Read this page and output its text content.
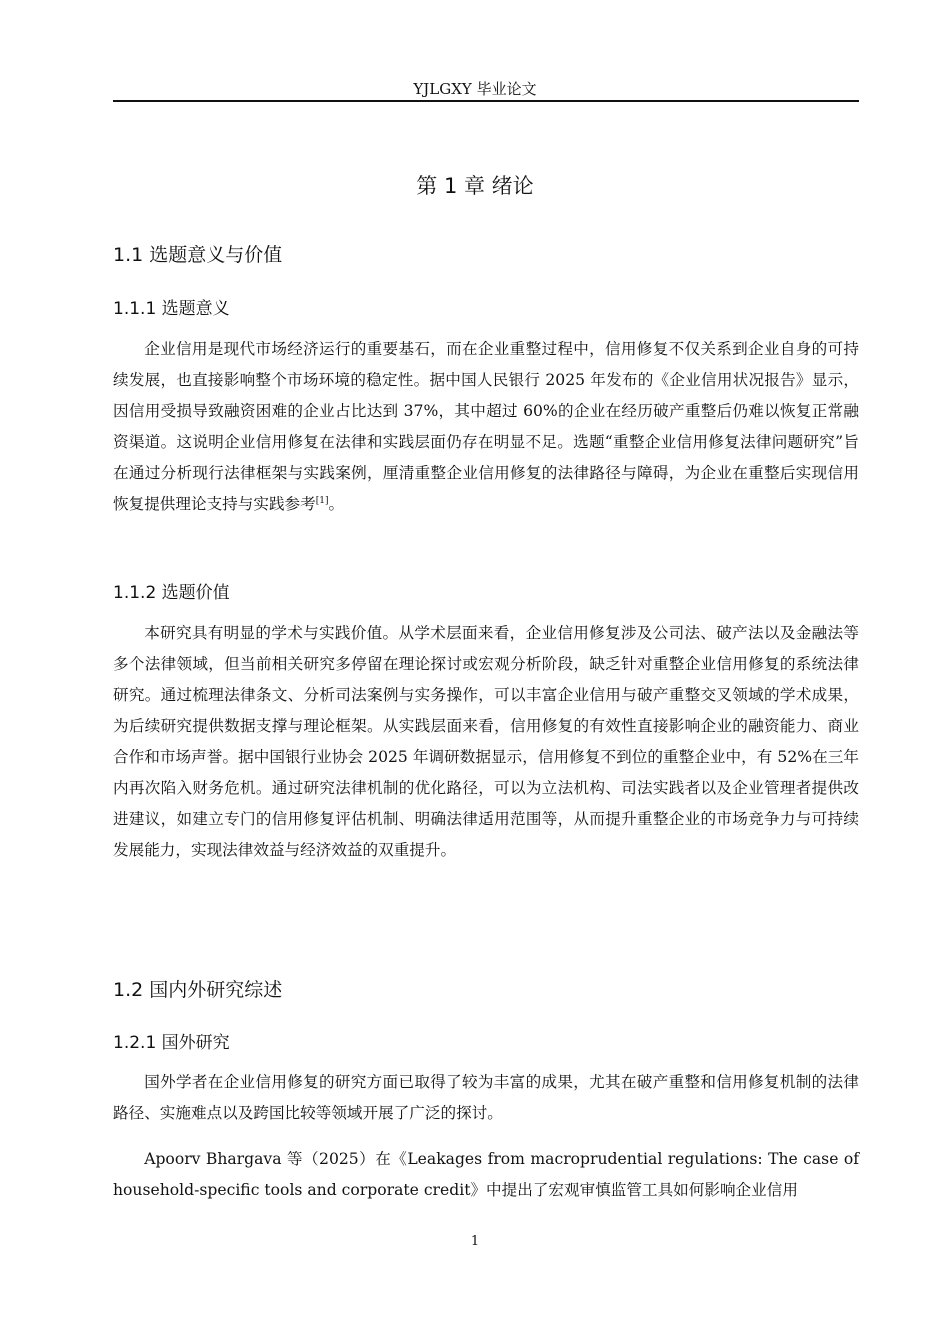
YJLGXY 毕业论文
第 1 章 绪论
1.1 选题意义与价值
1.1.1 选题意义
企业信用是现代市场经济运行的重要基石，而在企业重整过程中，信用修复不仅关系到企业自身的可持续发展，也直接影响整个市场环境的稳定性。据中国人民银行 2025 年发布的《企业信用状况报告》显示，因信用受损导致融资困难的企业占比达到 37%，其中超过 60%的企业在经历破产重整后仍难以恢复正常融资渠道。这说明企业信用修复在法律和实践层面仍存在明显不足。选题“重整企业信用修复法律问题研究”旨在通过分析现行法律框架与实践案例，厘清重整企业信用修复的法律路径与障碍，为企业在重整后实现信用恢复提供理论支持与实践参考[1]。
1.1.2 选题价值
本研究具有明显的学术与实践价值。从学术层面来看，企业信用修复涉及公司法、破产法以及金融法等多个法律领域，但当前相关研究多停留在理论探讨或宏观分析阶段，缺乏针对重整企业信用修复的系统法律研究。通过梳理法律条文、分析司法案例与实务操作，可以丰富企业信用与破产重整交叉领域的学术成果，为后续研究提供数据支撑与理论框架。从实践层面来看，信用修复的有效性直接影响企业的融资能力、商业合作和市场声誉。据中国银行业协会 2025 年调研数据显示，信用修复不到位的重整企业中，有 52%在三年内再次陷入财务危机。通过研究法律机制的优化路径，可以为立法机构、司法实践者以及企业管理者提供改进建议，如建立专门的信用修复评估机制、明确法律适用范围等，从而提升重整企业的市场竞争力与可持续发展能力，实现法律效益与经济效益的双重提升。
1.2 国内外研究综述
1.2.1 国外研究
国外学者在企业信用修复的研究方面已取得了较为丰富的成果，尤其在破产重整和信用修复机制的法律路径、实施难点以及跨国比较等领域开展了广泛的探讨。
Apoorv Bhargava 等（2025）在《Leakages from macroprudential regulations: The case of household-specific tools and corporate credit》中提出了宏观审慎监管工具如何影响企业信用
1
